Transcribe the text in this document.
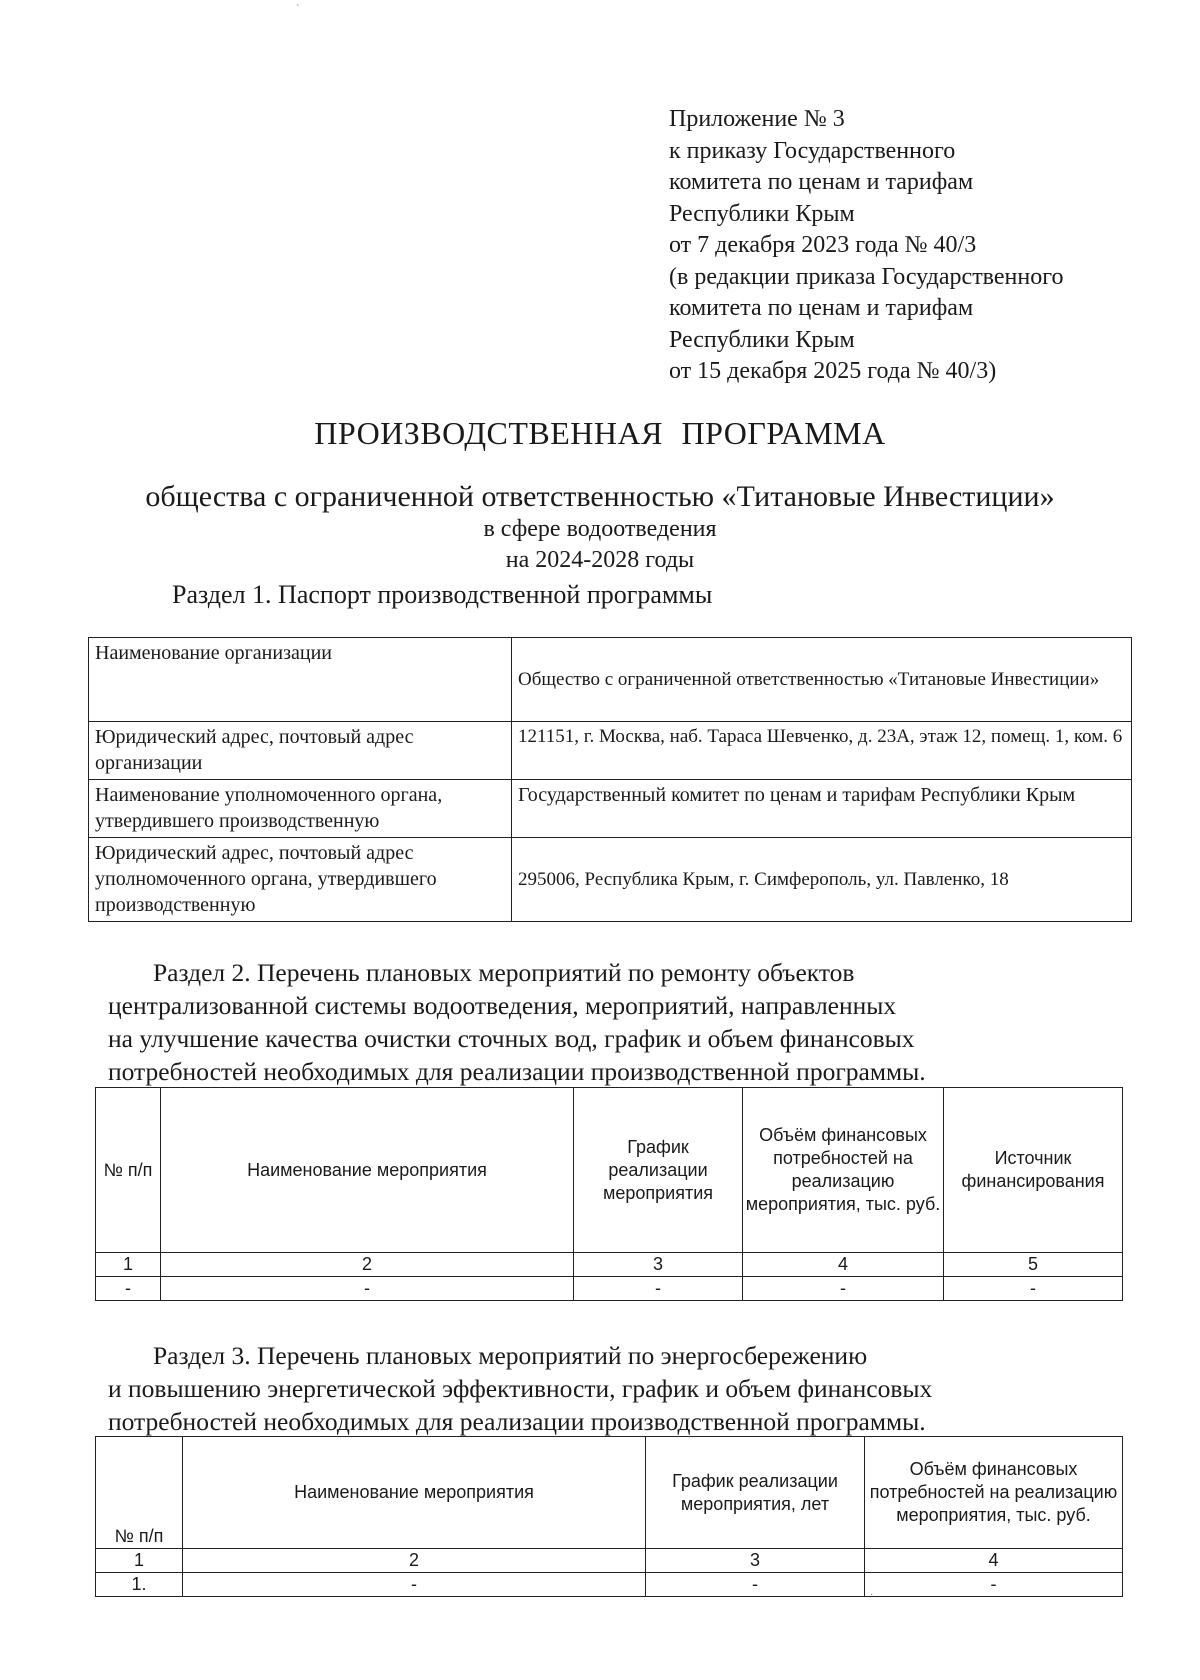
`
Приложение № 3
к приказу Государственного
комитета по ценам и тарифам
Республики Крым
от 7 декабря 2023 года № 40/3
(в редакции приказа Государственного
комитета по ценам и тарифам
Республики Крым
от 15 декабря 2025 года № 40/3)
ПРОИЗВОДСТВЕННАЯ ПРОГРАММА
общества с ограниченной ответственностью «Титановые Инвестиции»
в сфере водоотведения
на 2024-2028 годы
Раздел 1. Паспорт производственной программы
Наименование организации	Общество с ограниченной ответственностью «Титановые Инвестиции»
Юридический адрес, почтовый адрес организации	121151, г. Москва, наб. Тараса Шевченко, д. 23А, этаж 12, помещ. 1, ком. 6
Наименование уполномоченного органа, утвердившего производственную	Государственный комитет по ценам и тарифам Республики Крым
Юридический адрес, почтовый адрес уполномоченного органа, утвердившего производственную	295006, Республика Крым, г. Симферополь, ул. Павленко, 18
Раздел 2. Перечень плановых мероприятий по ремонту объектов
централизованной системы водоотведения, мероприятий, направленных
на улучшение качества очистки сточных вод, график и объем финансовых
потребностей необходимых для реализации производственной программы.
№ п/п	Наименование мероприятия	График реализации мероприятия	Объём финансовых потребностей на реализацию мероприятия, тыс. руб.	Источник финансирования
1	2	3	4	5
-	-	-	-	-
Раздел 3. Перечень плановых мероприятий по энергосбережению
и повышению энергетической эффективности, график и объем финансовых
потребностей необходимых для реализации производственной программы.
№ п/п	Наименование мероприятия	График реализации мероприятия, лет	Объём финансовых потребностей на реализацию мероприятия, тыс. руб.
1	2	3	4
1.	-	-	-
·
